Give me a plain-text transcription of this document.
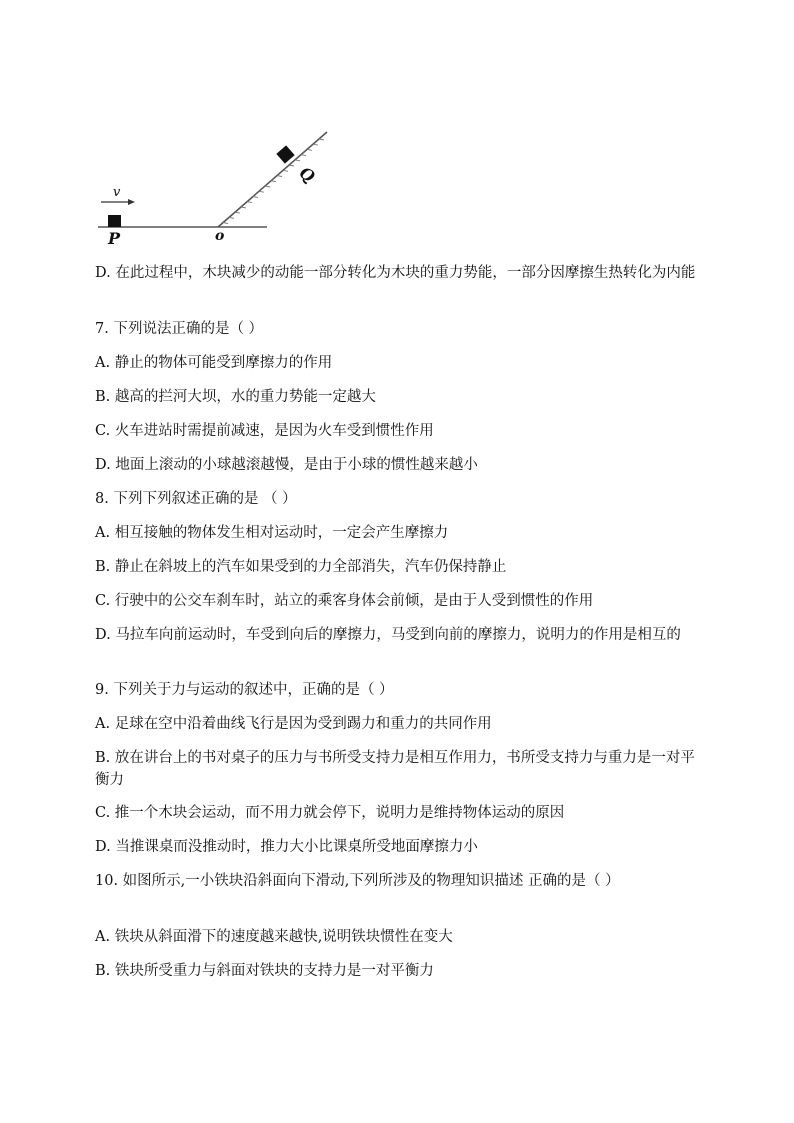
v
P	o
Q
D. 在此过程中，木块减少的动能一部分转化为木块的重力势能，一部分因摩擦生热转化为内能
7. 下列说法正确的是（ ）
A. 静止的物体可能受到摩擦力的作用
B. 越高的拦河大坝，水的重力势能一定越大
C. 火车进站时需提前减速，是因为火车受到惯性作用
D. 地面上滚动的小球越滚越慢，是由于小球的惯性越来越小
8. 下列下列叙述正确的是 （ ）
A. 相互接触的物体发生相对运动时，一定会产生摩擦力
B. 静止在斜坡上的汽车如果受到的力全部消失，汽车仍保持静止
C. 行驶中的公交车刹车时，站立的乘客身体会前倾，是由于人受到惯性的作用
D. 马拉车向前运动时，车受到向后的摩擦力，马受到向前的摩擦力，说明力的作用是相互的
9. 下列关于力与运动的叙述中，正确的是（ ）
A. 足球在空中沿着曲线飞行是因为受到踢力和重力的共同作用
B. 放在讲台上的书对桌子的压力与书所受支持力是相互作用力，书所受支持力与重力是一对平衡力
C. 推一个木块会运动，而不用力就会停下，说明力是维持物体运动的原因
D. 当推课桌而没推动时，推力大小比课桌所受地面摩擦力小
10. 如图所示,一小铁块沿斜面向下滑动,下列所涉及的物理知识描述 正确的是（ ）
A. 铁块从斜面滑下的速度越来越快,说明铁块惯性在变大
B. 铁块所受重力与斜面对铁块的支持力是一对平衡力
